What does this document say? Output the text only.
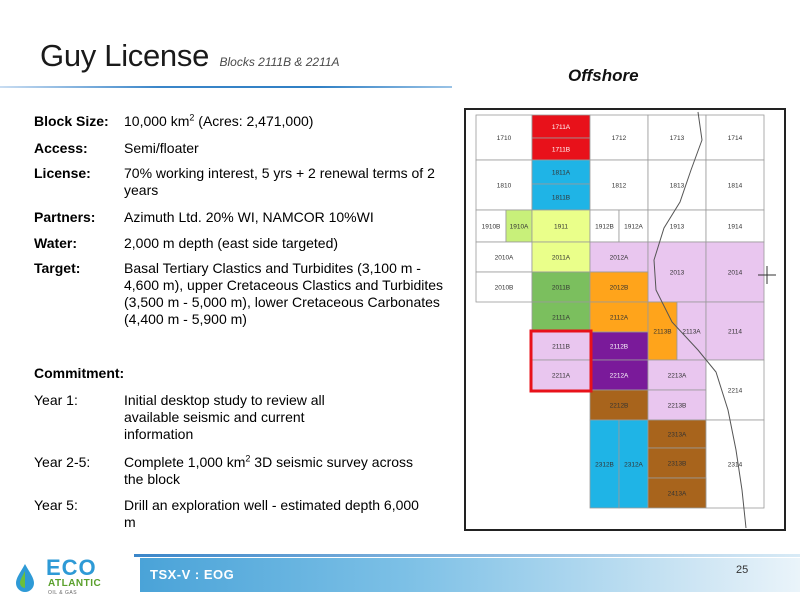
Guy License Blocks 2111B & 2211A
Offshore
Block Size:	10,000 $km^2$ (Acres: 2,471,000)
Access:	Semi/floater
License:	70% working interest, 5 yrs + 2 renewal terms of 2 years
Partners:	Azimuth Ltd. 20% WI, NAMCOR 10%WI
Water:	2,000 m depth (east side targeted)
Target:	Basal Tertiary Clastics and Turbidites (3,100 m - 4,600 m), upper Cretaceous Clastics and Turbidites (3,500 m - 5,000 m), lower Cretaceous Carbonates (4,400 m - 5,900 m)
Commitment:
Year 1:	Initial desktop study to review all available seismic and current information
Year 2-5:	Complete 1,000 $km^2$ 3D seismic survey across the block
Year 5:	Drill an exploration well - estimated depth 6,000 m
1710
1711A
1711B
1712	1713	1714
1810
1811A
1811B
1812	1813	1814
1910B 1910A	1911	1912B 1912A	1913	1914
2010A	2011A	2012A
2013	2014
2010B	2011B	2012B
2111A	2112A
2113B 2113A	2114
2111B	2112B
2211A	2212A	2213A
2212B	2213B
2214
2312B 2312A
2313A
2313B	2314
2413A
TSX-V : EOG	25
ECO
ATLANTIC
OIL & GAS
